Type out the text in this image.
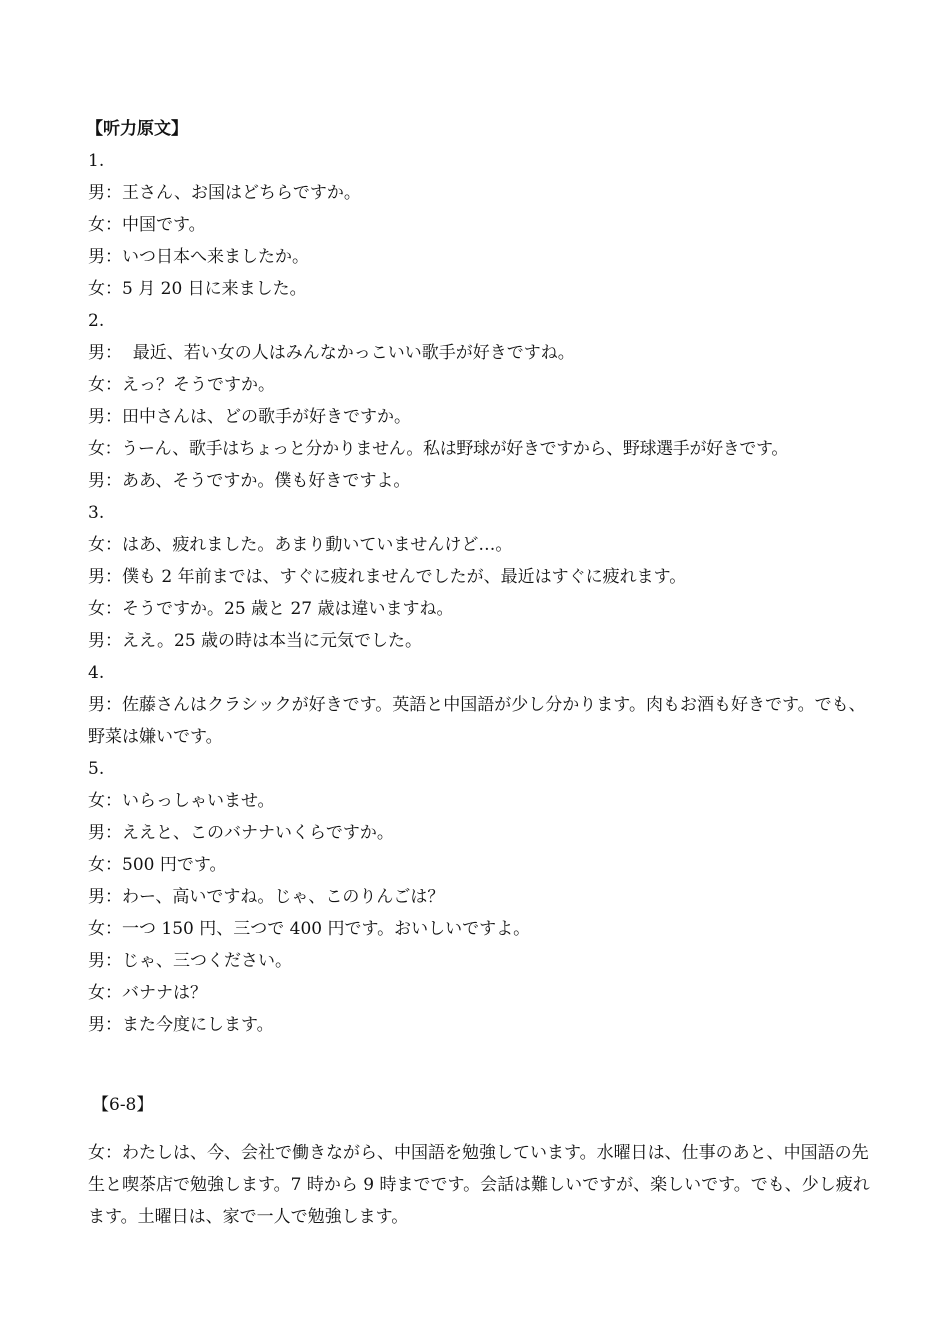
【听力原文】
1.
男：王さん、お国はどちらですか。
女：中国です。
男：いつ日本へ来ましたか。
女：5 月 20 日に来ました。
2.
男：  最近、若い女の人はみんなかっこいい歌手が好きですね。
女：えっ？そうですか。
男：田中さんは、どの歌手が好きですか。
女：うーん、歌手はちょっと分かりません。私は野球が好きですから、野球選手が好きです。
男：ああ、そうですか。僕も好きですよ。
3.
女：はあ、疲れました。あまり動いていませんけど…。
男：僕も 2 年前までは、すぐに疲れませんでしたが、最近はすぐに疲れます。
女：そうですか。25 歳と 27 歳は違いますね。
男：ええ。25 歳の時は本当に元気でした。
4.
男：佐藤さんはクラシックが好きです。英語と中国語が少し分かります。肉もお酒も好きです。でも、野菜は嫌いです。
5.
女：いらっしゃいませ。
男：ええと、このバナナいくらですか。
女：500 円です。
男：わー、高いですね。じゃ、このりんごは？
女：一つ 150 円、三つで 400 円です。おいしいですよ。
男：じゃ、三つください。
女：バナナは？
男：また今度にします。
【6-8】
女：わたしは、今、会社で働きながら、中国語を勉強しています。水曜日は、仕事のあと、中国語の先生と喫茶店で勉強します。7 時から 9 時までです。会話は難しいですが、楽しいです。でも、少し疲れます。土曜日は、家で一人で勉強します。
